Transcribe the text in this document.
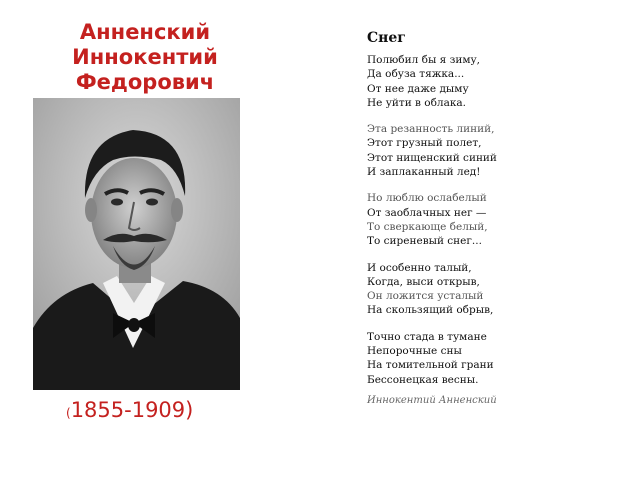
Анненский
Иннокентий
Федорович
(1855-1909)
Снег
Полюбил бы я зиму,
Да обуза тяжка...
От нее даже дыму
Не уйти в облака.
Эта резанность линий,
Этот грузный полет,
Этот нищенский синий
И заплаканный лед!
Но люблю ослабелый
От заоблачных нег —
То сверкающе белый,
То сиреневый снег...
И особенно талый,
Когда, выси открыв,
Он ложится усталый
На скользящий обрыв,
Точно стада в тумане
Непорочные сны
На томительной грани
Бессонецкая весны.
Иннокентий Анненский
